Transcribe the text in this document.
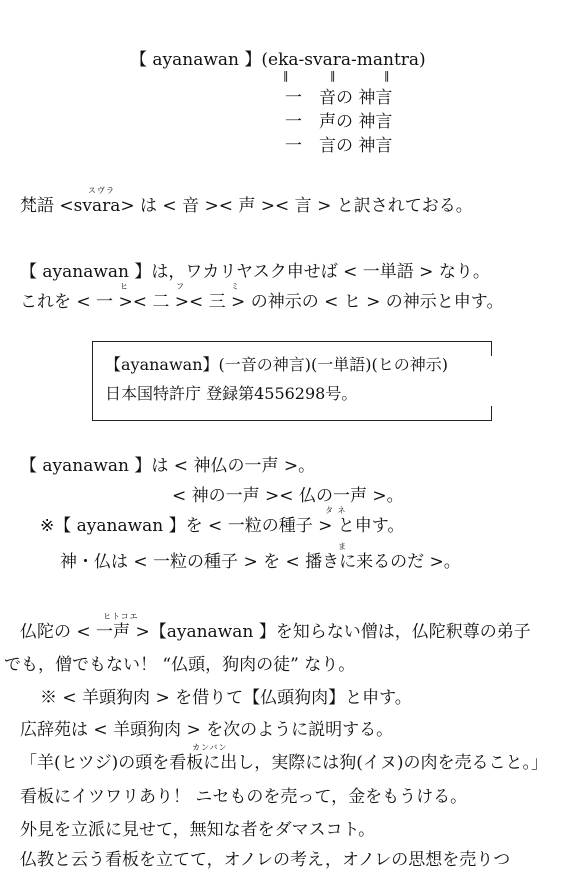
【 ayanawan 】(eka-svara-mantra)
‖	‖	‖
一　音の 神言
一　声の 神言
一　言の 神言
スヴラ
梵語 <svara> は < 音 >< 声 >< 言 > と訳されておる。
【 ayanawan 】は，ワカリヤスク申せば < 一単語 > なり。
ヒ	フ	ミ
これを < 一 >< 二 >< 三 > の神示の < ヒ > の神示と申す。
【ayanawan】(一音の神言)(一単語)(ヒの神示)
日本国特許庁 登録第4556298号。
【 ayanawan 】は < 神仏の一声 >。
< 神の一声 >< 仏の一声 >。
タ ネ
※【 ayanawan 】を < 一粒の種子 > と申す。
ま
神・仏は < 一粒の種子 > を < 播きに来るのだ >。
ヒトコエ
仏陀の < 一声 >【ayanawan 】を知らない僧は，仏陀釈尊の弟子
でも，僧でもない！ “仏頭，狗肉の徒” なり。
※ < 羊頭狗肉 > を借りて【仏頭狗肉】と申す。
広辞苑は < 羊頭狗肉 > を次のように説明する。
カンバン
「羊(ヒツジ)の頭を看板に出し，実際には狗(イヌ)の肉を売ること。」
看板にイツワリあり！ ニセものを売って，金をもうける。
外見を立派に見せて，無知な者をダマスコト。
仏教と云う看板を立てて，オノレの考え，オノレの思想を売りつ
